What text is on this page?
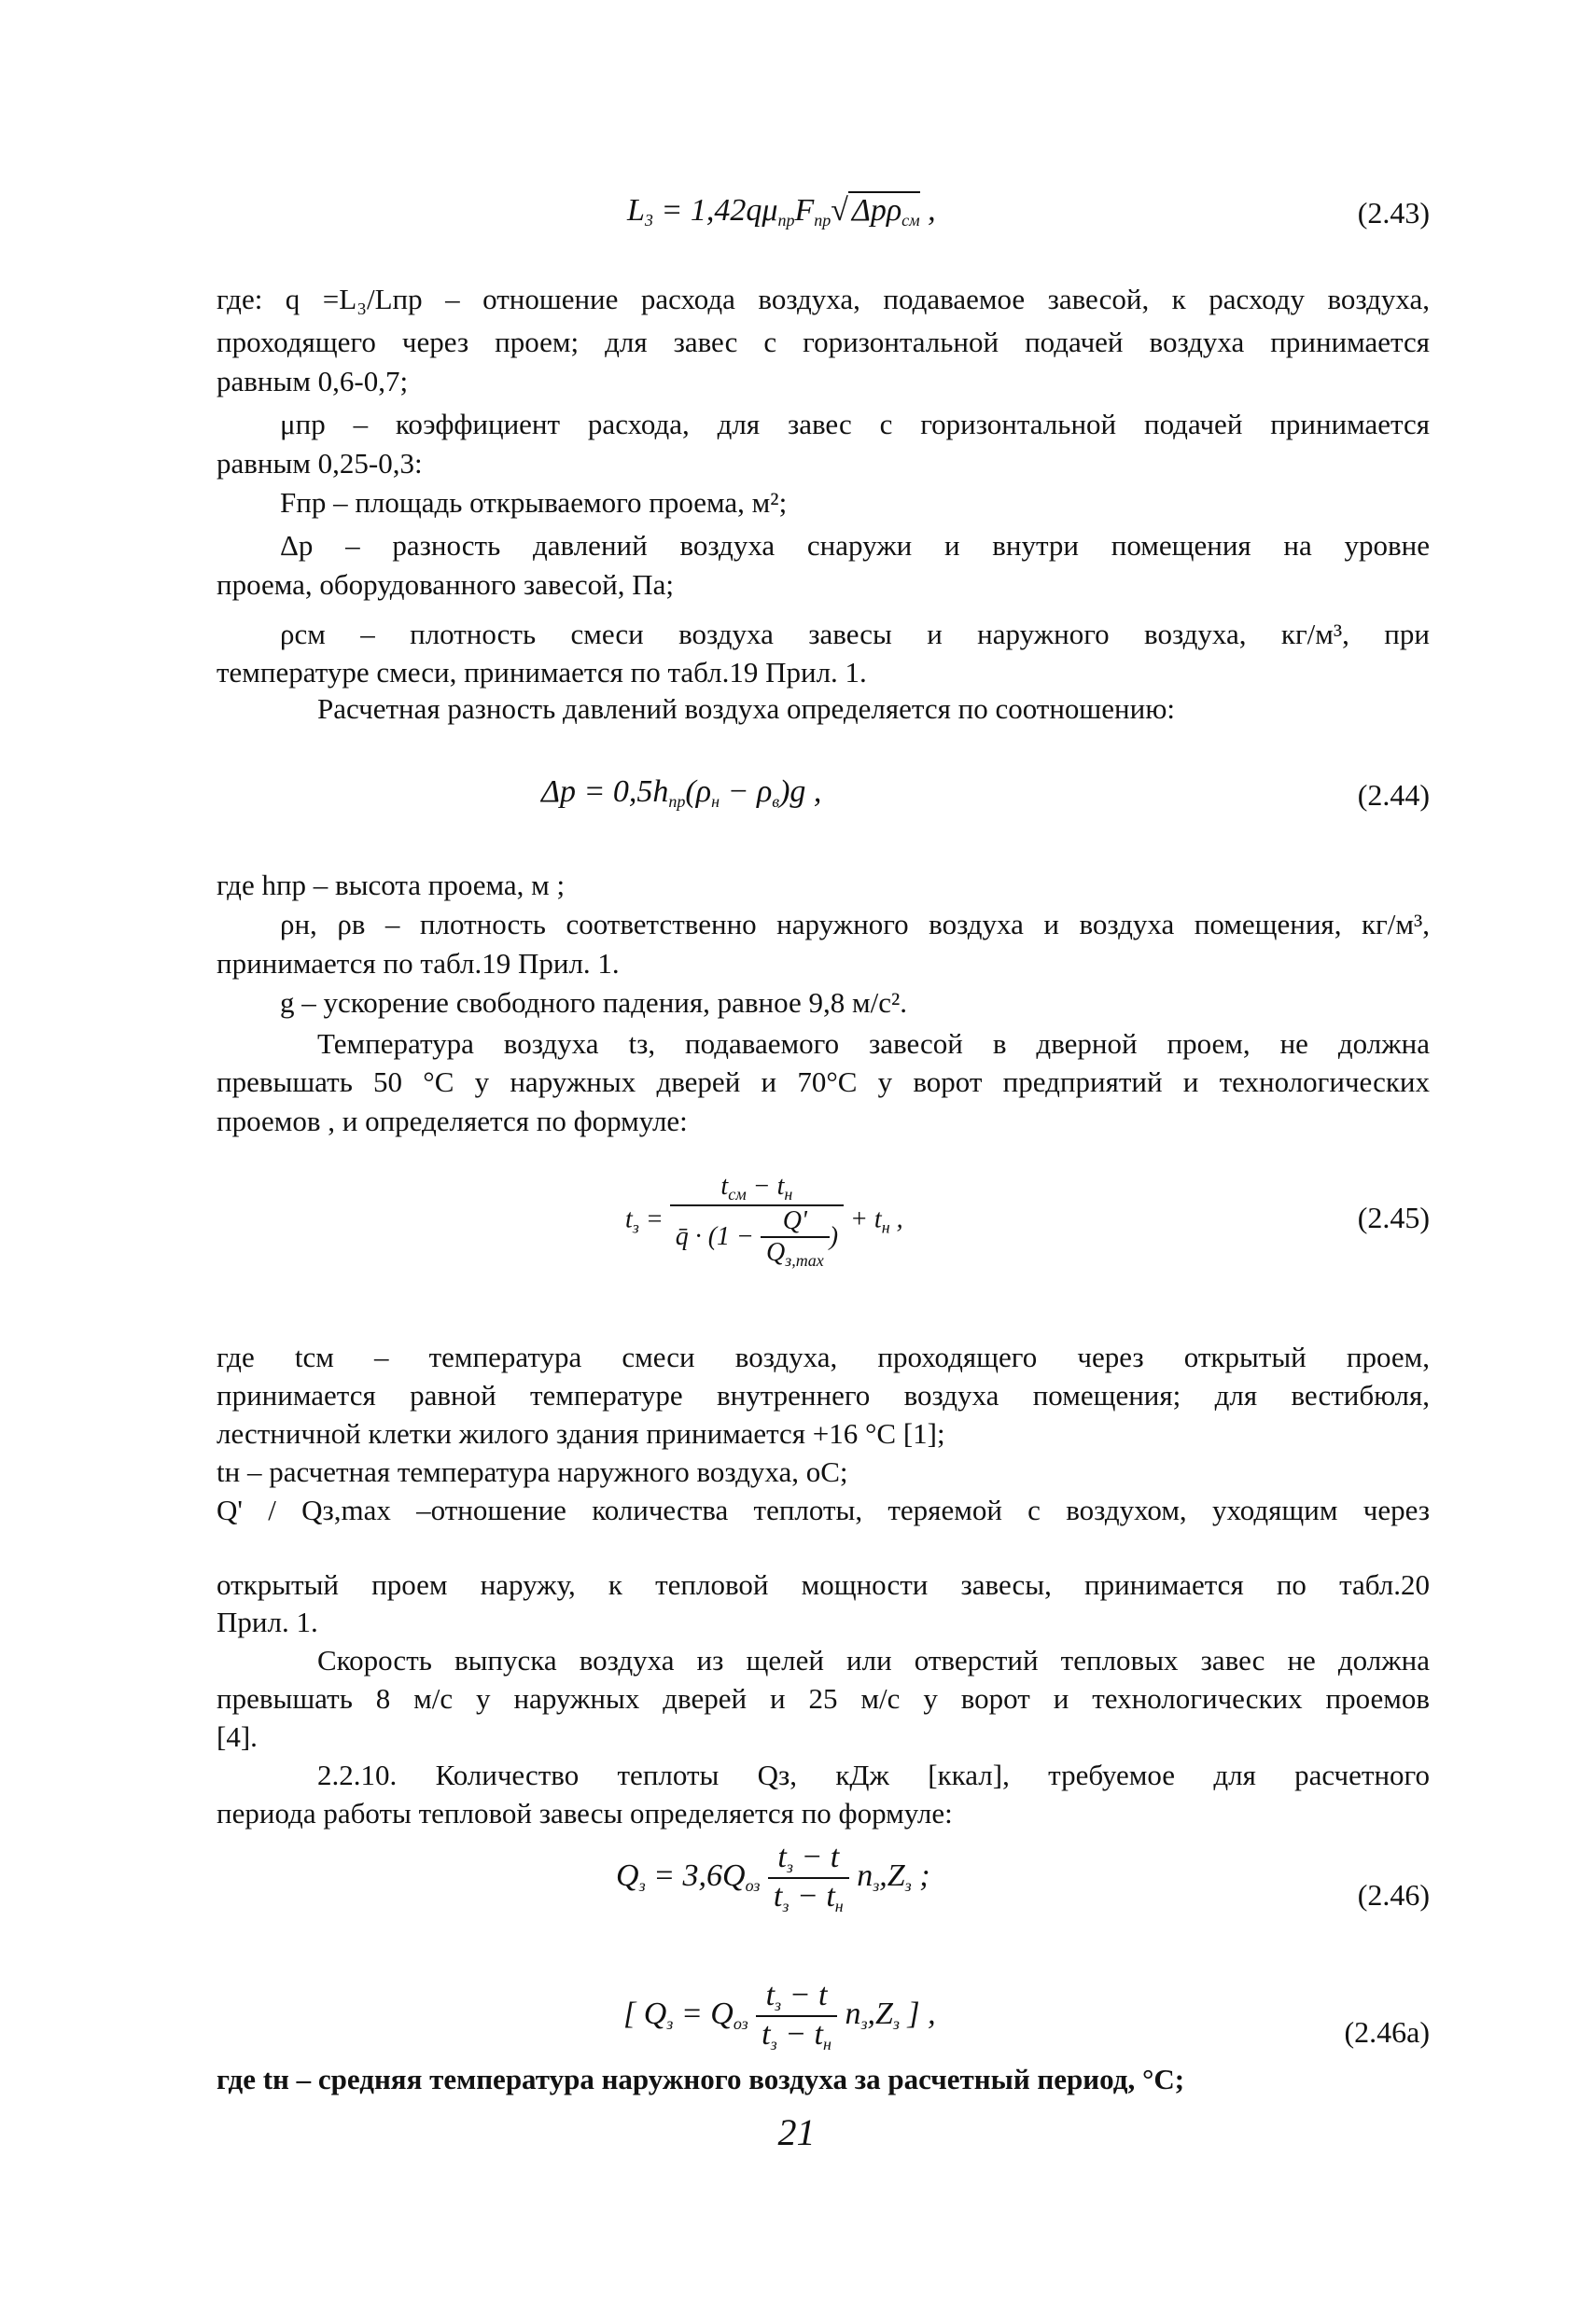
$L_3 = 1,42q\mu_{пр}F_{пр}√$ Δpρ$_{см}$ ,	(2.43)
где: q =L₃/Lпр – отношение расхода воздуха, подаваемое завесой, к расходу воздуха,
проходящего через проем; для завес с горизонтальной подачей воздуха принимается
равным 0,6-0,7;
μпр – коэффициент расхода, для завес с горизонтальной подачей принимается
равным 0,25-0,3:
Fпр – площадь открываемого проема, м²;
Δp – разность давлений воздуха снаружи и внутри помещения на уровне
проема, оборудованного завесой, Па;
ρсм – плотность смеси воздуха завесы и наружного воздуха, кг/м³, при
температуре смеси, принимается по табл.19 Прил. 1.
Расчетная разность давлений воздуха определяется по соотношению:
$\Delta p = 0,5h_{пр}(\rho_н - \rho_в)g$ ,	(2.44)
где hпр – высота проема, м ;
ρн, ρв – плотность соответственно наружного воздуха и воздуха помещения, кг/м³,
принимается по табл.19 Прил. 1.
g – ускорение свободного падения, равное 9,8 м/с².
Температура воздуха tз, подаваемого завесой в дверной проем, не должна
превышать 50 °С у наружных дверей и 70°С у ворот предприятий и технологических
проемов , и определяется по формуле:
$t_з = \frac{t_{см} - t_н}{q̄ \cdot (1 - \frac{Q'}{Q_{з,max}} )} + t_н$ ,	(2.45)
где tсм – температура смеси воздуха, проходящего через открытый проем,
принимается равной температуре внутреннего воздуха помещения; для вестибюля,
лестничной клетки жилого здания принимается +16 °С [1];
tн – расчетная температура наружного воздуха, оС;
Q' / Qз,max –отношение количества теплоты, теряемой с воздухом, уходящим через
открытый проем наружу, к тепловой мощности завесы, принимается по табл.20
Прил. 1.
Скорость выпуска воздуха из щелей или отверстий тепловых завес не должна
превышать 8 м/с у наружных дверей и 25 м/с у ворот и технологических проемов
[4].
2.2.10. Количество теплоты Qз, кДж [ккал], требуемое для расчетного
периода работы тепловой завесы определяется по формуле:
$Q_з = 3,6Q_{оз} \frac{t_з - t}{t_з - t_н} n_з,Z_з$ ;
(2.46)
[ $Q_з = Q_{оз} \frac{t_з - t}{t_з - t_н} n_з,Z_з$ ] ,
(2.46а)
где tн – средняя температура наружного воздуха за расчетный период, °С;
21
